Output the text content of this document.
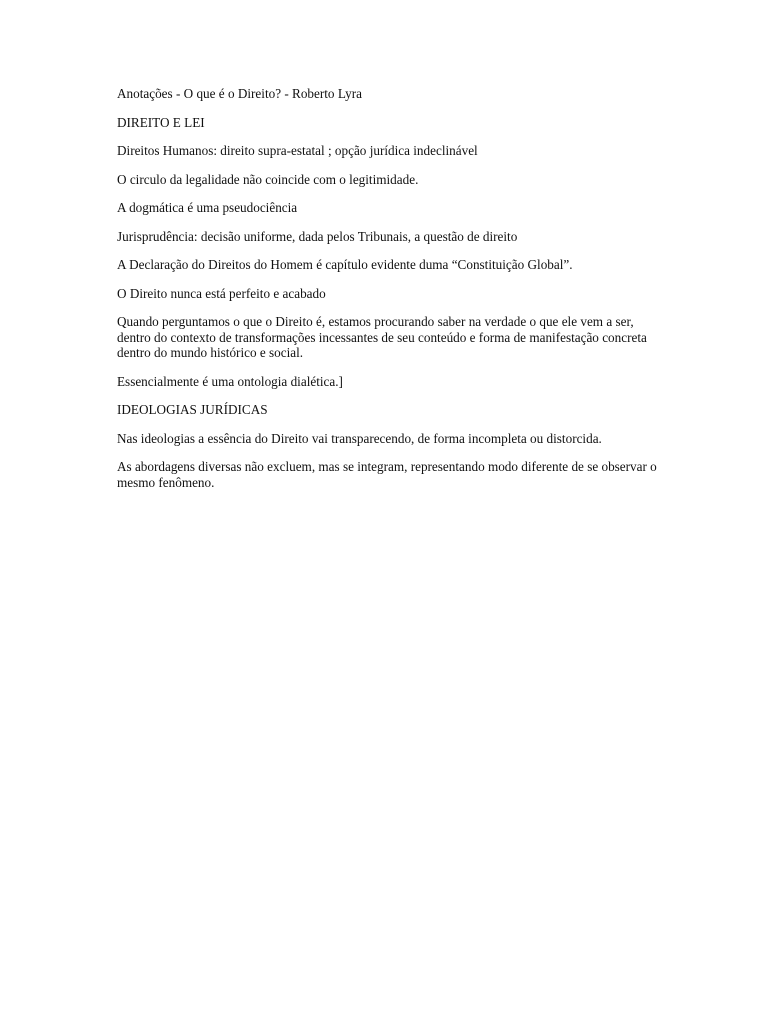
Anotações - O que é o Direito? - Roberto Lyra

DIREITO E LEI

Direitos Humanos: direito supra-estatal ; opção jurídica indeclinável

O circulo da legalidade não coincide com o legitimidade.

A dogmática é uma pseudociência

Jurisprudência: decisão uniforme, dada pelos Tribunais, a questão de direito

A Declaração do Direitos do Homem é capítulo evidente duma “Constituição Global”.

O Direito nunca está perfeito e acabado

Quando perguntamos o que o Direito é, estamos procurando saber na verdade o que ele vem a ser, dentro do contexto de transformações incessantes de seu conteúdo e forma de manifestação concreta dentro do mundo histórico e social.

Essencialmente é uma ontologia dialética.]

IDEOLOGIAS JURÍDICAS

Nas ideologias a essência do Direito vai transparecendo, de forma incompleta ou distorcida.

As abordagens diversas não excluem, mas se integram, representando modo diferente de se observar o mesmo fenômeno.
